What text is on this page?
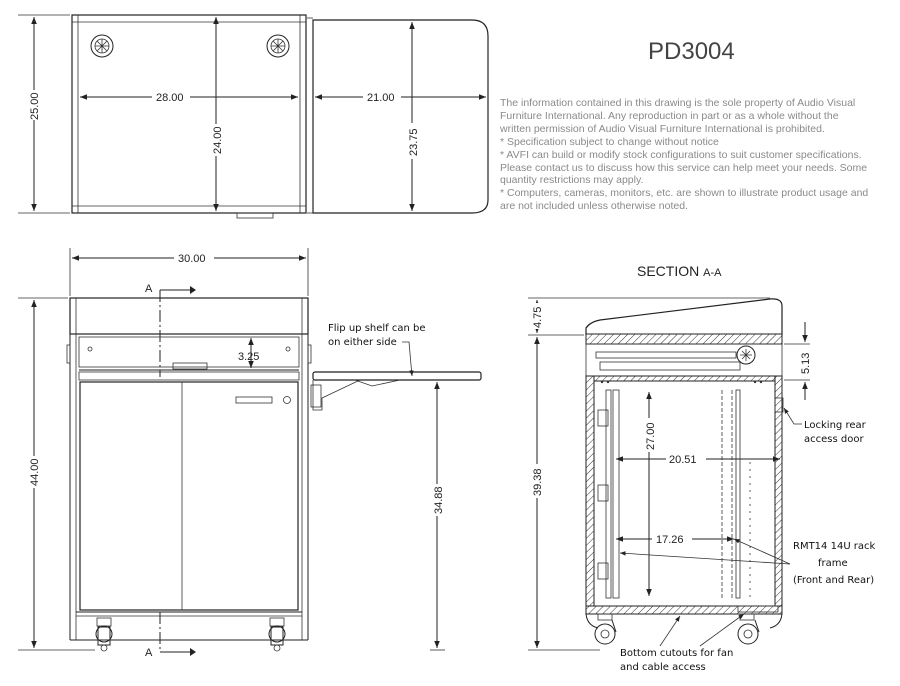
PD3004
The information contained in this drawing is the sole property of Audio Visual
Furniture International. Any reproduction in part or as a whole without the
written permission of Audio Visual Furniture International is prohibited.
* Specification subject to change without notice
* AVFI can build or modify stock configurations to suit customer specifications.
Please contact us to discuss how this service can help meet your needs. Some
quantity restrictions may apply.
* Computers, cameras, monitors, etc. are shown to illustrate product usage and
are not included unless otherwise noted.
SECTION A-A
25.00	28.00
24.00
21.00
23.75
A
A
30.00
44.00
3.25
34.88
Flip up shelf can be
on either side
4.75
39.38
5.13
27.00
20.51
17.26
Locking rear
access door
RMT14 14U rack
frame
(Front and Rear)
Bottom cutouts for fan
and cable access
